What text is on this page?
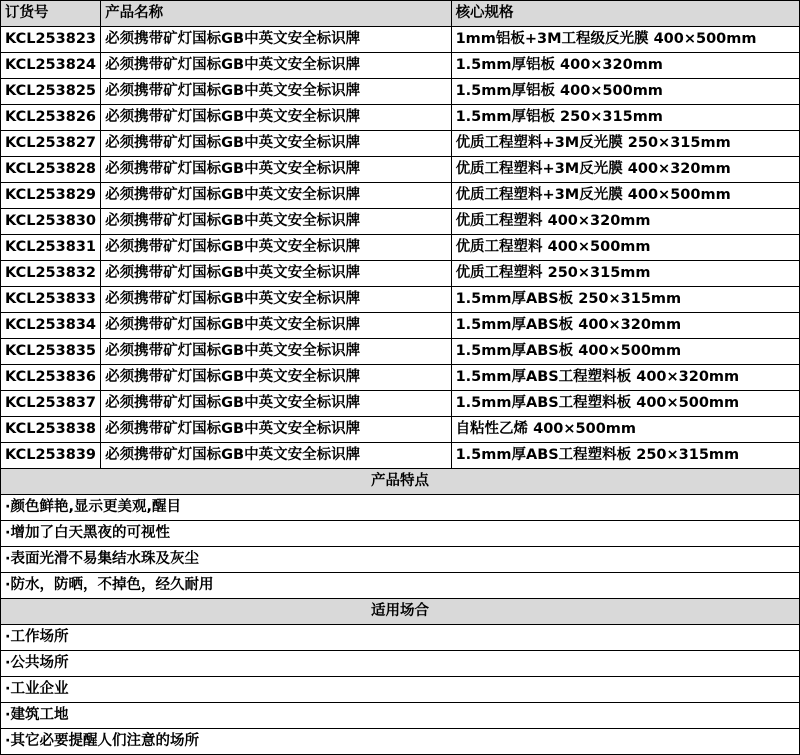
订货号	产品名称	核心规格
KCL253823	必须携带矿灯国标GB中英文安全标识牌	1mm铝板+3M工程级反光膜 400×500mm
KCL253824	必须携带矿灯国标GB中英文安全标识牌	1.5mm厚铝板 400×320mm
KCL253825	必须携带矿灯国标GB中英文安全标识牌	1.5mm厚铝板 400×500mm
KCL253826	必须携带矿灯国标GB中英文安全标识牌	1.5mm厚铝板 250×315mm
KCL253827	必须携带矿灯国标GB中英文安全标识牌	优质工程塑料+3M反光膜 250×315mm
KCL253828	必须携带矿灯国标GB中英文安全标识牌	优质工程塑料+3M反光膜 400×320mm
KCL253829	必须携带矿灯国标GB中英文安全标识牌	优质工程塑料+3M反光膜 400×500mm
KCL253830	必须携带矿灯国标GB中英文安全标识牌	优质工程塑料 400×320mm
KCL253831	必须携带矿灯国标GB中英文安全标识牌	优质工程塑料 400×500mm
KCL253832	必须携带矿灯国标GB中英文安全标识牌	优质工程塑料 250×315mm
KCL253833	必须携带矿灯国标GB中英文安全标识牌	1.5mm厚ABS板 250×315mm
KCL253834	必须携带矿灯国标GB中英文安全标识牌	1.5mm厚ABS板 400×320mm
KCL253835	必须携带矿灯国标GB中英文安全标识牌	1.5mm厚ABS板 400×500mm
KCL253836	必须携带矿灯国标GB中英文安全标识牌	1.5mm厚ABS工程塑料板 400×320mm
KCL253837	必须携带矿灯国标GB中英文安全标识牌	1.5mm厚ABS工程塑料板 400×500mm
KCL253838	必须携带矿灯国标GB中英文安全标识牌	自粘性乙烯 400×500mm
KCL253839	必须携带矿灯国标GB中英文安全标识牌	1.5mm厚ABS工程塑料板 250×315mm
产品特点		
·颜色鲜艳,显示更美观,醒目		
·增加了白天黑夜的可视性		
·表面光滑不易集结水珠及灰尘		
·防水，防晒，不掉色，经久耐用		
适用场合		
·工作场所		
·公共场所		
·工业企业		
·建筑工地		
·其它必要提醒人们注意的场所		
